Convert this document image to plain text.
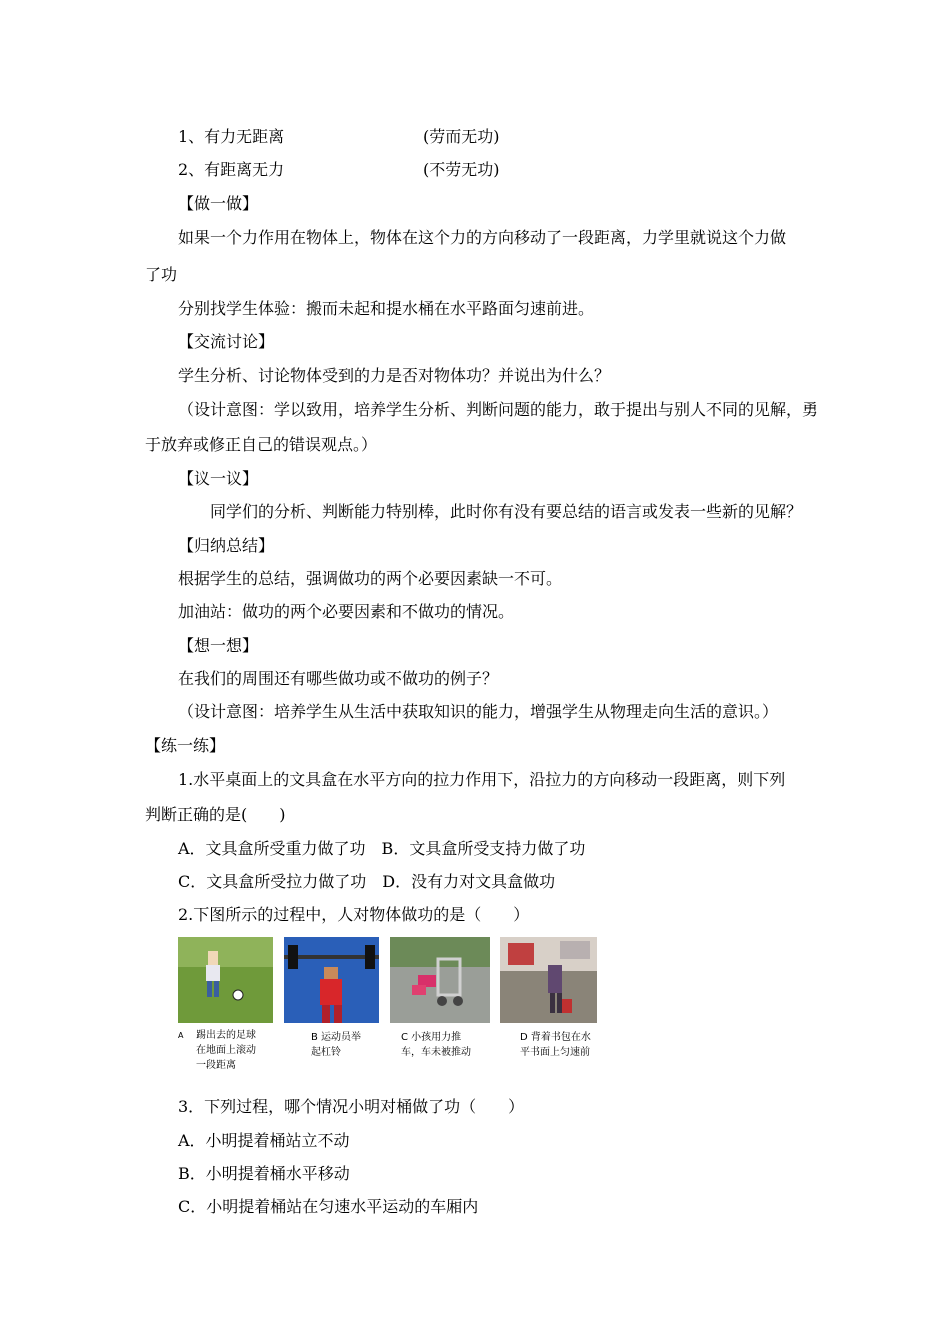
1、有力无距离	(劳而无功)
2、有距离无力	(不劳无功)
【做一做】
如果一个力作用在物体上，物体在这个力的方向移动了一段距离，力学里就说这个力做
了功
分别找学生体验：搬而未起和提水桶在水平路面匀速前进。
【交流讨论】
学生分析、讨论物体受到的力是否对物体功？并说出为什么？
（设计意图：学以致用，培养学生分析、判断问题的能力，敢于提出与别人不同的见解，勇
于放弃或修正自己的错误观点。）
【议一议】
同学们的分析、判断能力特别棒，此时你有没有要总结的语言或发表一些新的见解？
【归纳总结】
根据学生的总结，强调做功的两个必要因素缺一不可。
加油站：做功的两个必要因素和不做功的情况。
【想一想】
在我们的周围还有哪些做功或不做功的例子？
（设计意图：培养学生从生活中获取知识的能力，增强学生从物理走向生活的意识。）
【练一练】
1.水平桌面上的文具盒在水平方向的拉力作用下，沿拉力的方向移动一段距离，则下列
判断正确的是(　　)
A．文具盒所受重力做了功　B．文具盒所受支持力做了功
C．文具盒所受拉力做了功　D．没有力对文具盒做功
2.下图所示的过程中，人对物体做功的是（　　）
A 踢出去的足球
在地面上滚动
一段距离
B 运动员举
起杠铃
C 小孩用力推
车，车未被推动
D 背着书包在水
平书面上匀速前
3．下列过程，哪个情况小明对桶做了功（　　）
A．小明提着桶站立不动
B．小明提着桶水平移动
C．小明提着桶站在匀速水平运动的车厢内
